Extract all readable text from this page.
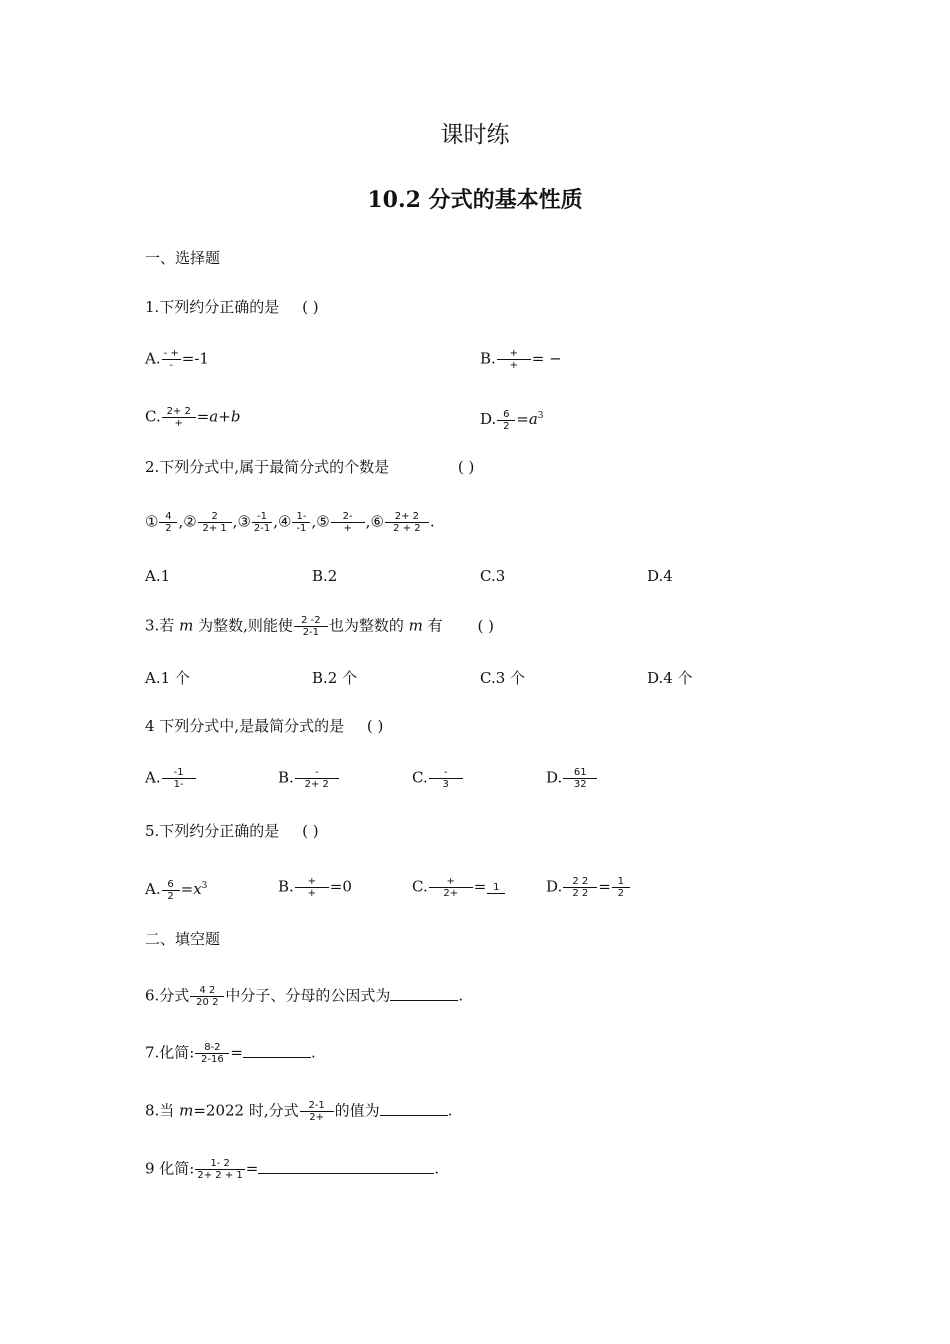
课时练
10.2 分式的基本性质
一、选择题
1.下列约分正确的是 ( )
A. $\frac{- +}{-} =-1$	B. $\frac{+}{+}$ = −
C. $\frac{2+ 2}{+} =a+b$	D. $\frac{6}{2} =a^3$
2.下列分式中,属于最简分式的个数是	( )
① $\frac{4}{2}$ ,② $\frac{2}{2+ 1}$ ,③ $\frac{-1}{2-1}$ ,④ $\frac{1-}{-1}$ ,⑤ $\frac{2-}{+}$ ,⑥ $\frac{2+ 2}{2 + 2}$ .
A.1	B.2	C.3	D.4
3.若 m 为整数,则能使 $\frac{2 -2}{2-1}$ 也为整数的 m 有 ( )
A.1 个	B.2 个	C.3 个	D.4 个
4 下列分式中,是最简分式的是 ( )
A. $\frac{-1}{1-}$	B. $\frac{-}{2+ 2}$	C. $\frac{-}{3}$	D. $\frac{61}{32}$
5.下列约分正确的是 ( )
A. $\frac{6}{2} =x^3$	B. $\frac{+}{+} =0$	C. $\frac{+}{2+} = 1$	D. $\frac{2 2}{2 2} = \frac{1}{2}$
二、填空题
6.分式 $\frac{4 2}{20 2}$ 中分子、分母的公因式为	.
7.化简: $\frac{8-2}{2-16}$ =	.
8.当 m=2022 时,分式 $\frac{2-1}{2+}$ 的值为	.
9 化简: $\frac{1- 2}{2+ 2 + 1}$ =	.
